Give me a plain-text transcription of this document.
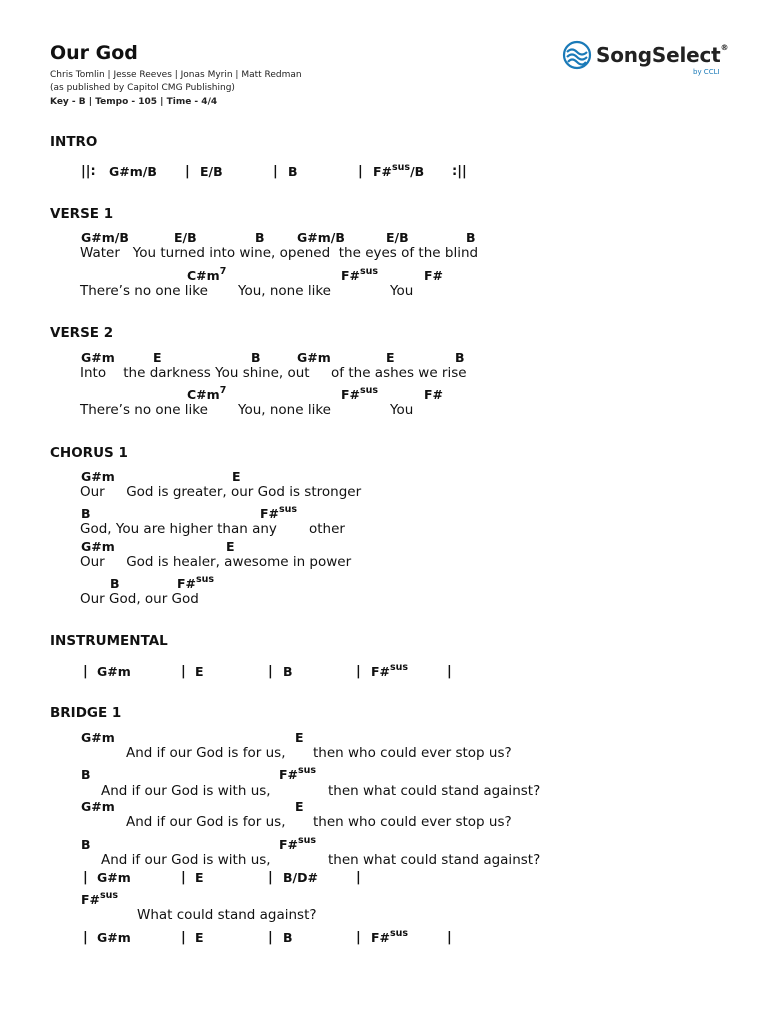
Our God
Chris Tomlin | Jesse Reeves | Jonas Myrin | Matt Redman
(as published by Capitol CMG Publishing)
Key - B | Tempo - 105 | Time - 4/4
SongSelect®
by CCLI
INTRO
||: G#m/B | E/B	| B	| F#$^{sus}$/B :||
VERSE 1
G#m/B	E/B	B	G#m/B	E/B	B
Water   You turned into wine, opened  the eyes of the blind
$C\#m^7$	F#$^{sus}$	F#
There’s no one like You, none like	You
VERSE 2
G#m	E	B	G#m	E	B
Into    the darkness You shine, out     of the ashes we rise
$C\#m^7$	F#$^{sus}$	F#
There’s no one like You, none like	You
CHORUS 1
G#m	E
Our     God is greater, our God is stronger
B	F#$^{sus}$
God, You are higher than any other
G#m	E
Our     God is healer, awesome in power
B	F#$^{sus}$
Our God, our God
INSTRUMENTAL
| G#m	| E	| B	| F#$^{sus}$	|
BRIDGE 1
G#m	E
And if our God is for us, then who could ever stop us?
B	F#$^{sus}$
And if our God is with us,	then what could stand against?
G#m	E
And if our God is for us, then who could ever stop us?
B	F#$^{sus}$
And if our God is with us,	then what could stand against?
| G#m	| E	| B/D#	|
F#$^{sus}$
What could stand against?
| G#m	| E	| B	| F#$^{sus}$	|
